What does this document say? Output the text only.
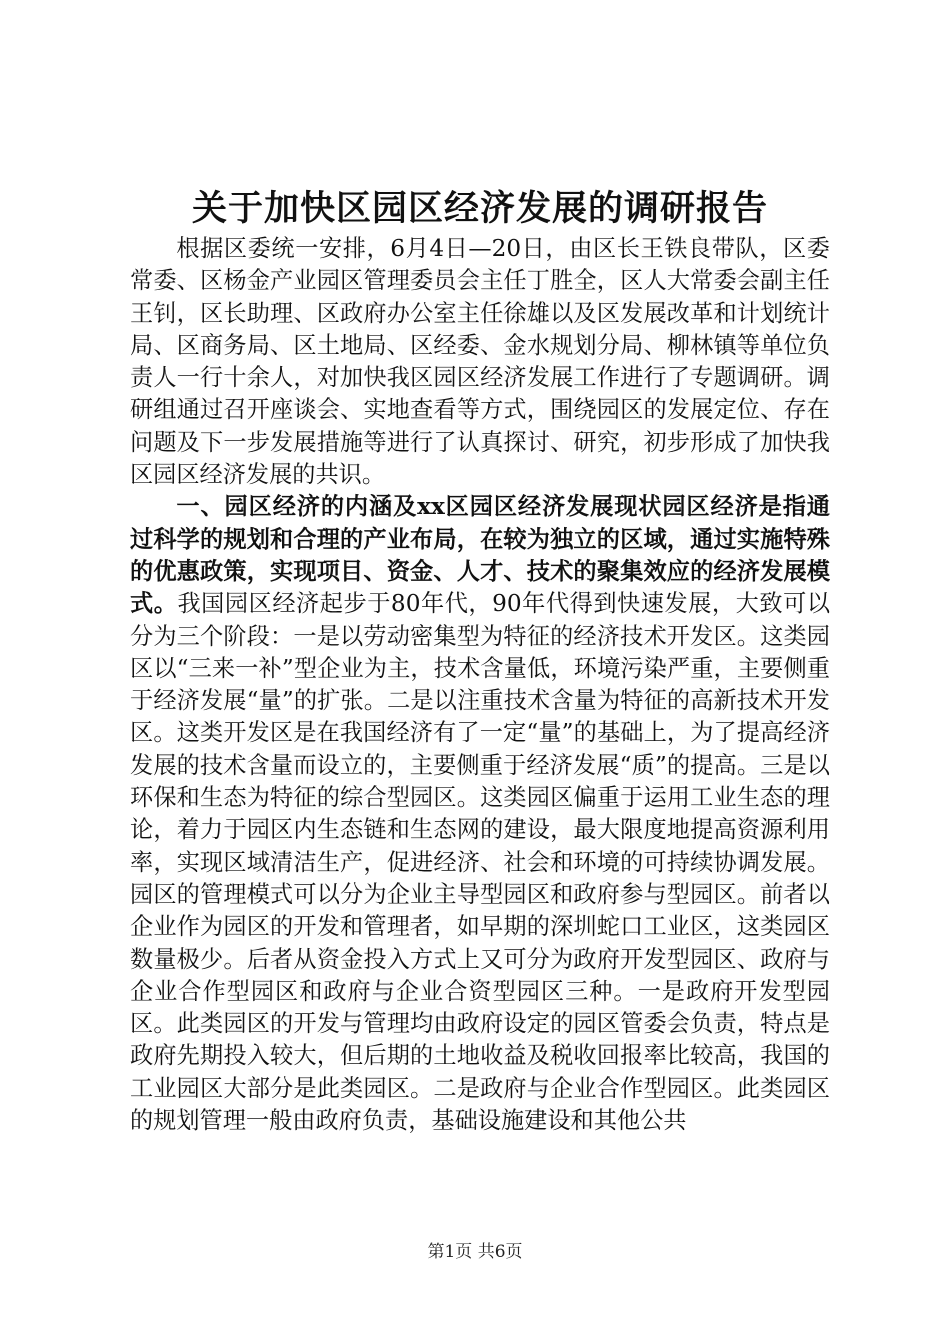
关于加快区园区经济发展的调研报告

根据区委统一安排，6月4日—20日，由区长王铁良带队，区委常委、区杨金产业园区管理委员会主任丁胜全，区人大常委会副主任王钊，区长助理、区政府办公室主任徐雄以及区发展改革和计划统计局、区商务局、区土地局、区经委、金水规划分局、柳林镇等单位负责人一行十余人，对加快我区园区经济发展工作进行了专题调研。调研组通过召开座谈会、实地查看等方式，围绕园区的发展定位、存在问题及下一步发展措施等进行了认真探讨、研究，初步形成了加快我区园区经济发展的共识。

一、园区经济的内涵及xx区园区经济发展现状园区经济是指通过科学的规划和合理的产业布局，在较为独立的区域，通过实施特殊的优惠政策，实现项目、资金、人才、技术的聚集效应的经济发展模式。我国园区经济起步于80年代，90年代得到快速发展，大致可以分为三个阶段：一是以劳动密集型为特征的经济技术开发区。这类园区以“三来一补”型企业为主，技术含量低，环境污染严重，主要侧重于经济发展“量”的扩张。二是以注重技术含量为特征的高新技术开发区。这类开发区是在我国经济有了一定“量”的基础上，为了提高经济发展的技术含量而设立的，主要侧重于经济发展“质”的提高。三是以环保和生态为特征的综合型园区。这类园区偏重于运用工业生态的理论，着力于园区内生态链和生态网的建设，最大限度地提高资源利用率，实现区域清洁生产，促进经济、社会和环境的可持续协调发展。园区的管理模式可以分为企业主导型园区和政府参与型园区。前者以企业作为园区的开发和管理者，如早期的深圳蛇口工业区，这类园区数量极少。后者从资金投入方式上又可分为政府开发型园区、政府与企业合作型园区和政府与企业合资型园区三种。一是政府开发型园区。此类园区的开发与管理均由政府设定的园区管委会负责，特点是政府先期投入较大，但后期的土地收益及税收回报率比较高，我国的工业园区大部分是此类园区。二是政府与企业合作型园区。此类园区的规划管理一般由政府负责，基础设施建设和其他公共

第1页 共6页
